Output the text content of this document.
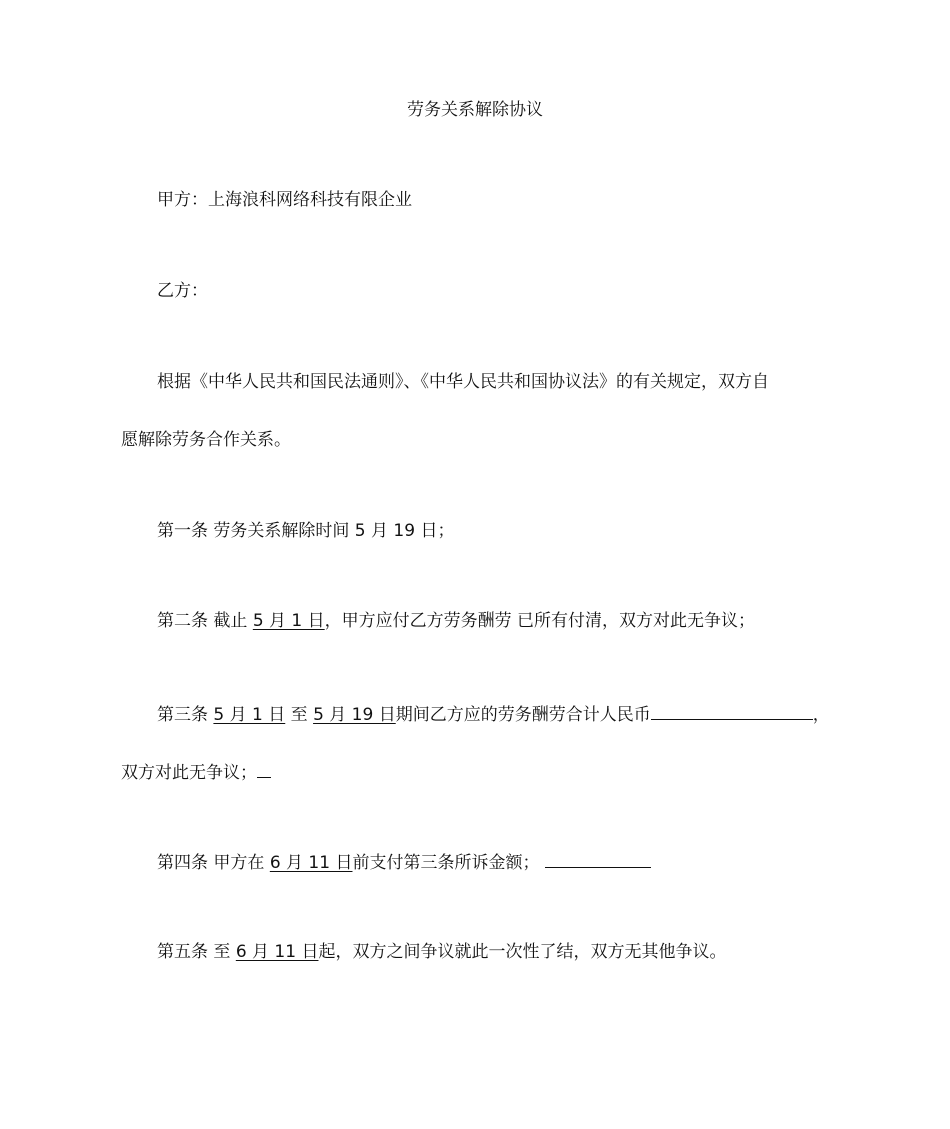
劳务关系解除协议
甲方：上海浪科网络科技有限企业
乙方：
根据《中华人民共和国民法通则》、《中华人民共和国协议法》的有关规定，双方自
愿解除劳务合作关系。
第一条 劳务关系解除时间 5 月 19 日；
第二条 截止 5 月 1 日，甲方应付乙方劳务酬劳 已所有付清，双方对此无争议；
第三条 5 月 1 日 至 5 月 19 日期间乙方应的劳务酬劳合计人民币	，
双方对此无争议；
第四条 甲方在 6 月 11 日前支付第三条所诉金额；
第五条 至 6 月 11 日起，双方之间争议就此一次性了结，双方无其他争议。
